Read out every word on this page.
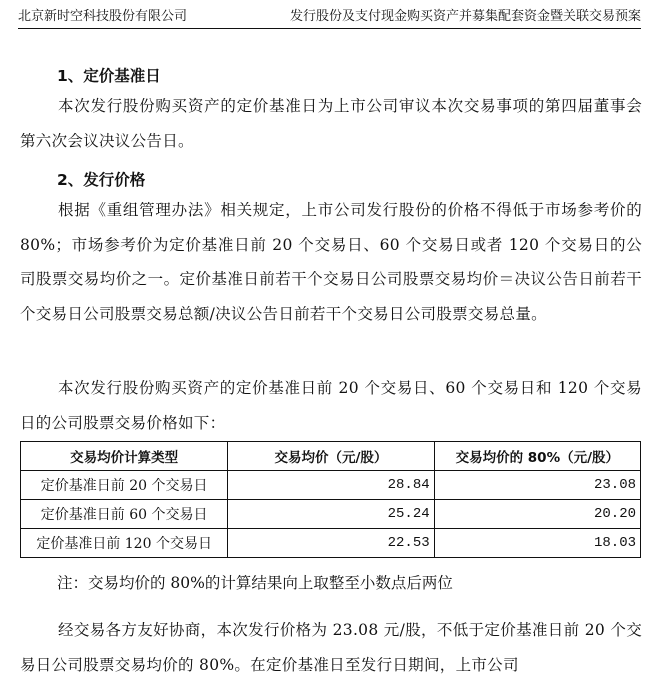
北京新时空科技股份有限公司	发行股份及支付现金购买资产并募集配套资金暨关联交易预案
1、定价基准日
本次发行股份购买资产的定价基准日为上市公司审议本次交易事项的第四届董事会第六次会议决议公告日。
2、发行价格
根据《重组管理办法》相关规定，上市公司发行股份的价格不得低于市场参考价的 80%；市场参考价为定价基准日前 20 个交易日、60 个交易日或者 120 个交易日的公司股票交易均价之一。定价基准日前若干个交易日公司股票交易均价＝决议公告日前若干个交易日公司股票交易总额/决议公告日前若干个交易日公司股票交易总量。
本次发行股份购买资产的定价基准日前 20 个交易日、60 个交易日和 120 个交易日的公司股票交易价格如下：
交易均价计算类型	交易均价（元/股）	交易均价的 80%（元/股）
定价基准日前 20 个交易日	28.84	23.08
定价基准日前 60 个交易日	25.24	20.20
定价基准日前 120 个交易日	22.53	18.03
注：交易均价的 80%的计算结果向上取整至小数点后两位
经交易各方友好协商，本次发行价格为 23.08 元/股，不低于定价基准日前 20 个交易日公司股票交易均价的 80%。在定价基准日至发行日期间，上市公司
